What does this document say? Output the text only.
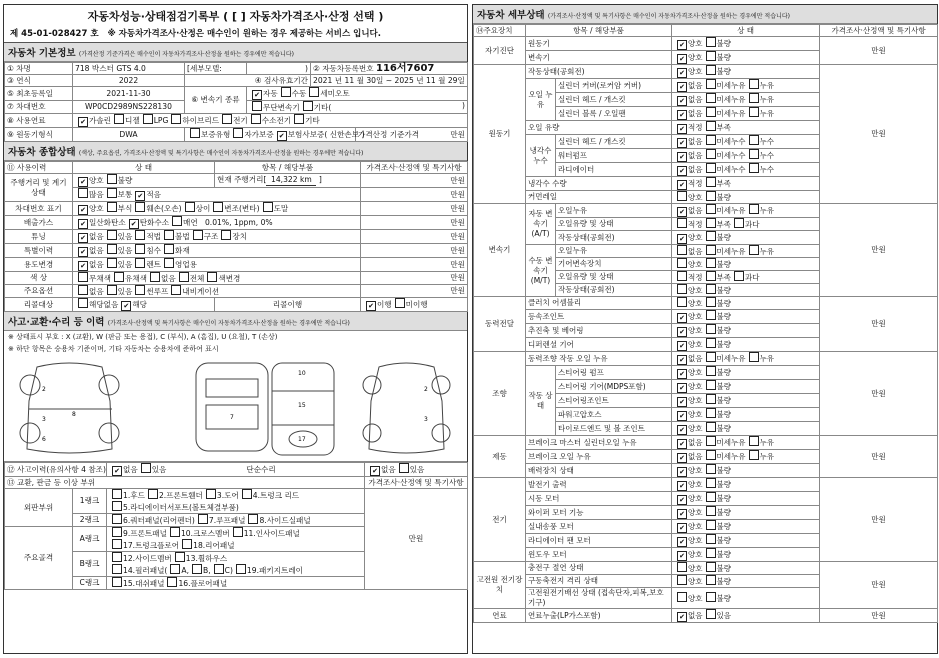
자동차성능·상태점검기록부 ( [ ] 자동차가격조사·산정 선택 )
제 45-01-028427 호 ※ 자동차가격조사·산정은 매수인이 원하는 경우 제공하는 서비스 입니다.
자동차 기본정보 (가격산정 기준가격은 매수인이 자동차가격조사·산정을 원하는 경우에만 적습니다)
① 차명	718 박스터 GTS 4.0	[세부모델:	)	② 자동차등록번호 116서7607	
③ 연식	2022	④ 검사유효기간		2021 년 11 월 30일 ~ 2025 년 11 월 29일	
⑤ 최초등록일	2021-11-30	⑥ 변속기 종류	✔자동 수동 세미오토
⑦ 차대번호	WP0CD2989NS228130		무단변속기 기타( )		

⑧ 사용연료	✔가솔린 디젤 LPG 하이브리드 전기 수소전기 기타
⑨ 원동기형식	DWA	보증유형 자가보증 ✔ 보험사보증( 신한손보 )			가격산정 기준가격 만원
자동차 종합상태 (색상, 주요옵션, 가격조사·산정액 및 특기사항은 매수인이 자동차가격조사·산정을 원하는 경우에만 적습니다)
⑪ 사용이력	상 태	항목 / 해당부품	가격조사·산정액 및 특기사항
주행거리 및 계기상태	✔양호 불량	현재 주행거리[ 14,322 km ]	만원
	많음 보통 ✔ 적음		만원
차대번호 표기	✔양호 부식 훼손(오손) 상이 변조(변타) 도말		만원
배출가스	✔일산화탄소 ✔ 탄화수소 매연 0.01%, 1ppm, 0%		만원
튜닝	✔없음 있음 적법 불법 구조 장치		만원
특별이력	✔없음 있음 침수 화재		만원
용도변경	✔없음 있음 렌트 영업용		만원
색 상	무채색 유채색 없음 전체 색변경		만원
주요옵션	없음 있음 썬루프 내비게이션		만원
리콜대상	해당없음 ✔ 해당	리콜이행	✔이행 미이행
사고·교환·수리 등 이력 (가격조사·산정액 및 특기사항은 매수인이 자동차가격조사·산정을 원하는 경우에만 적습니다)
※ 상태표시 부호 : X (교환), W (판금 또는 용접), C (부식), A (흠집), U (요철), T (손상)
※ 하단 항목은 승용차 기준이며, 기타 자동차는 승용차에 준하여 표시
2
3
6
8	7
10
15
17
2
3
⑫ 사고이력(유의사항 4 참조)	✔없음 있음 단순수리	✔없음 있음
⑬ 교환, 판금 등 이상 부위			가격조사·산정액 및 특기사항
외판부위	1랭크	1.후드 2.프론트휀더 3.도어 4.트렁크 리드
5.라디에이터서포트(볼트체결부품)	만원
	2랭크	6.쿼터패널(리어펜더) 7.루프패널 8.사이드실패널	
주요골격	A랭크	9.프론트패널 10.크로스멤버 11.인사이드패널
17.트렁크플로어 18.리어패널	
	B랭크	12.사이드멤버 13.휠하우스
14.필러패널( A, B, C) 19.패키지트레이	
	C랭크	15.대쉬패널 16.플로어패널	
자동차 세부상태 (가격조사·산정액 및 특기사항은 매수인이 자동차가격조사·산정을 원하는 경우에만 적습니다)
⑭주요장치	항목 / 해당부품		상 태	가격조사·산정액 및 특기사항
자기진단	원동기	✔양호 불량	만원
	변속기	✔양호 불량
원동기	작동상태(공회전)	✔양호 불량	만원
	오일 누유	실린더 커버(로커암 커버)	✔없음 미세누유 누유
		실린더 헤드 / 개스킷	✔없음 미세누유 누유
		실린더 블록 / 오일팬	✔없음 미세누유 누유
	오일 유량	✔적정 부족
	냉각수 누수	실린더 헤드 / 개스킷	✔없음 미세누수 누수
		워터펌프	✔없음 미세누수 누수
		라디에이터	✔없음 미세누수 누수
	냉각수 수량	✔적정 부족
	커먼레일		양호 불량	
변속기	자동 변속기 (A/T)	오일누유	✔없음 미세누유 누유	만원
		오일유량 및 상태	적정 부족 과다	
		작동상태(공회전)	✔양호 불량
	수동 변속기 (M/T)	오일누유	없음 미세누유 누유	
		기어변속장치	양호 불량	
		오일유량 및 상태	적정 부족 과다	
		작동상태(공회전)	양호 불량	
동력전달	클러치 어셈블리		양호 불량	만원
	등속조인트	✔양호 불량
	추진축 및 베어링	✔양호 불량
	디퍼렌셜 기어	✔양호 불량
조향	동력조향 작동 오일 누유	✔없음 미세누유 누유	만원
	작동 상태	스티어링 펌프	✔양호 불량
		스티어링 기어(MDPS포함)	✔양호 불량
		스티어링조인트	✔양호 불량
		파워고압호스	✔양호 불량
		타이로드엔드 및 볼 조인트	✔양호 불량
제동	브레이크 마스터 실린더오일 누유	✔없음 미세누유 누유	만원
	브레이크 오일 누유	✔없음 미세누유 누유
	배력장치 상태	✔양호 불량
전기	발전기 출력	✔양호 불량	만원
	시동 모터	✔양호 불량
	와이퍼 모터 기능	✔양호 불량
	실내송풍 모터	✔양호 불량
	라디에이터 팬 모터	✔양호 불량
	윈도우 모터	✔양호 불량
고전원 전기장치	충전구 절연 상태		양호 불량	만원
	구동축전지 격리 상태		양호 불량	
	고전원전기배선 상태 (접속단자,피복,보호기구)		양호 불량	
연료	연료누출(LP가스포함)	✔없음 있음	만원
